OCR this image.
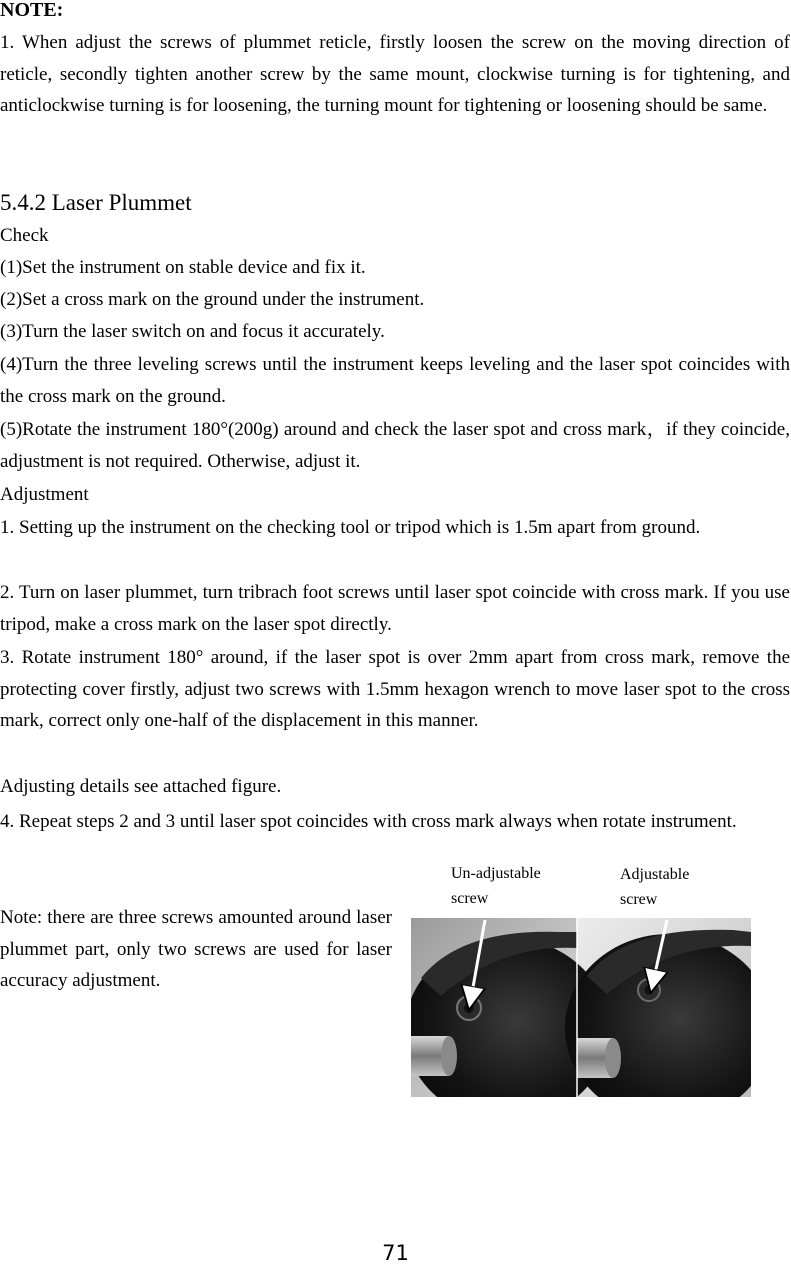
NOTE:

1. When adjust the screws of plummet reticle, firstly loosen the screw on the moving direction of reticle, secondly tighten another screw by the same mount, clockwise turning is for tightening, and anticlockwise turning is for loosening, the turning mount for tightening or loosening should be same.

5.4.2 Laser Plummet
Check
(1)Set the instrument on stable device and fix it.
(2)Set a cross mark on the ground under the instrument.
(3)Turn the laser switch on and focus it accurately.

(4)Turn the three leveling screws until the instrument keeps leveling and the laser spot coincides with the cross mark on the ground.

(5)Rotate the instrument 180°(200g) around and check the laser spot and cross mark，if they coincide, adjustment is not required. Otherwise, adjust it.

Adjustment

1. Setting up the instrument on the checking tool or tripod which is 1.5m apart from ground.

2. Turn on laser plummet, turn tribrach foot screws until laser spot coincide with cross mark. If you use tripod, make a cross mark on the laser spot directly.

3. Rotate instrument 180° around, if the laser spot is over 2mm apart from cross mark, remove the protecting cover firstly, adjust two screws with 1.5mm hexagon wrench to move laser spot to the cross mark, correct only one-half of the displacement in this manner.

Adjusting details see attached figure.

4. Repeat steps 2 and 3 until laser spot coincides with cross mark always when rotate instrument.

Note: there are three screws amounted around laser plummet part, only two screws are used for laser accuracy adjustment.

Un-adjustable
screw
Adjustable
screw
71
